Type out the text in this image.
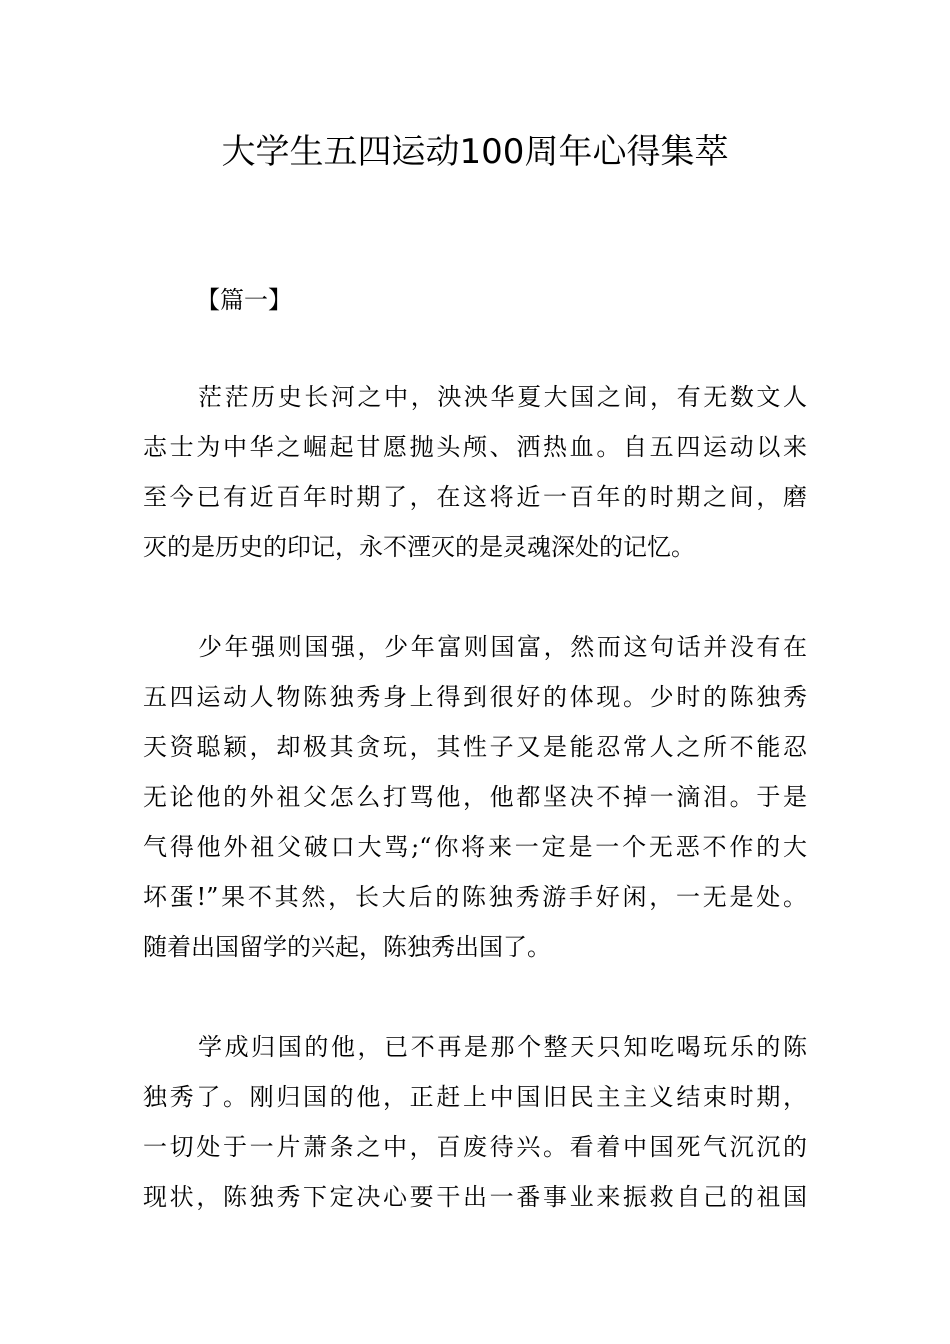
大学生五四运动100周年心得集萃
【篇一】
茫茫历史长河之中，泱泱华夏大国之间，有无数文人
志士为中华之崛起甘愿抛头颅、洒热血。自五四运动以来
至今已有近百年时期了，在这将近一百年的时期之间，磨
灭的是历史的印记，永不湮灭的是灵魂深处的记忆。
少年强则国强，少年富则国富，然而这句话并没有在
五四运动人物陈独秀身上得到很好的体现。少时的陈独秀
天资聪颖，却极其贪玩，其性子又是能忍常人之所不能忍
无论他的外祖父怎么打骂他，他都坚决不掉一滴泪。于是
气得他外祖父破口大骂;“你将来一定是一个无恶不作的大
坏蛋!”果不其然，长大后的陈独秀游手好闲，一无是处。
随着出国留学的兴起，陈独秀出国了。
学成归国的他，已不再是那个整天只知吃喝玩乐的陈
独秀了。刚归国的他，正赶上中国旧民主主义结束时期，
一切处于一片萧条之中，百废待兴。看着中国死气沉沉的
现状，陈独秀下定决心要干出一番事业来振救自己的祖国
